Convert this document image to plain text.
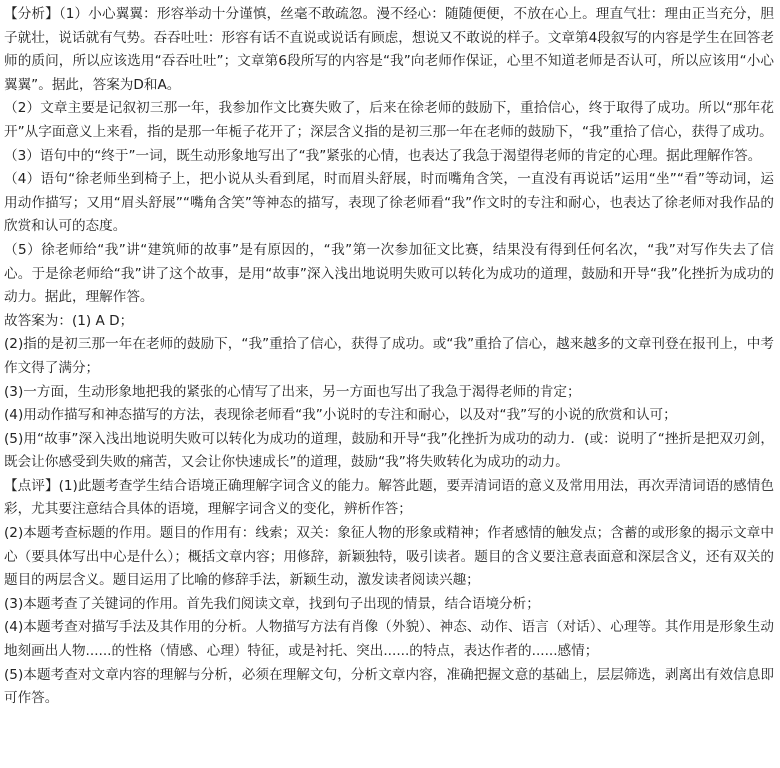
【分析】（1）小心翼翼：形容举动十分谨慎，丝毫不敢疏忽。漫不经心：随随便便，不放在心上。理直气壮：理由正当充分，胆子就壮，说话就有气势。吞吞吐吐：形容有话不直说或说话有顾虑，想说又不敢说的样子。文章第4段叙写的内容是学生在回答老师的质问，所以应该选用“吞吞吐吐”；文章第6段所写的内容是“我”向老师作保证，心里不知道老师是否认可，所以应该用“小心翼翼”。据此，答案为D和A。

（2）文章主要是记叙初三那一年，我参加作文比赛失败了，后来在徐老师的鼓励下，重拾信心，终于取得了成功。所以“那年花开”从字面意义上来看，指的是那一年栀子花开了；深层含义指的是初三那一年在老师的鼓励下，“我”重拾了信心，获得了成功。

（3）语句中的“终于”一词，既生动形象地写出了“我”紧张的心情，也表达了我急于渴望得老师的肯定的心理。据此理解作答。

（4）语句“徐老师坐到椅子上，把小说从头看到尾，时而眉头舒展，时而嘴角含笑，一直没有再说话”运用“坐”“看”等动词，运用动作描写；又用“眉头舒展”“嘴角含笑”等神态的描写，表现了徐老师看“我”作文时的专注和耐心，也表达了徐老师对我作品的欣赏和认可的态度。

（5）徐老师给“我”讲“建筑师的故事”是有原因的，“我”第一次参加征文比赛，结果没有得到任何名次，“我”对写作失去了信心。于是徐老师给“我”讲了这个故事，是用“故事”深入浅出地说明失败可以转化为成功的道理，鼓励和开导“我”化挫折为成功的动力。据此，理解作答。

故答案为：(1) A D；

(2)指的是初三那一年在老师的鼓励下，“我”重拾了信心，获得了成功。或“我”重拾了信心，越来越多的文章刊登在报刊上，中考作文得了满分；

(3)一方面，生动形象地把我的紧张的心情写了出来，另一方面也写出了我急于渴得老师的肯定；

(4)用动作描写和神态描写的方法，表现徐老师看“我”小说时的专注和耐心，以及对“我”写的小说的欣赏和认可；

(5)用“故事”深入浅出地说明失败可以转化为成功的道理，鼓励和开导“我”化挫折为成功的动力．(或：说明了“挫折是把双刃剑，既会让你感受到失败的痛苦，又会让你快速成长”的道理，鼓励“我”将失败转化为成功的动力。

【点评】(1)此题考查学生结合语境正确理解字词含义的能力。解答此题，要弄清词语的意义及常用用法，再次弄清词语的感情色彩，尤其要注意结合具体的语境，理解字词含义的变化，辨析作答；

(2)本题考查标题的作用。题目的作用有：线索；双关：象征人物的形象或精神；作者感情的触发点；含蓄的或形象的揭示文章中心（要具体写出中心是什么）；概括文章内容；用修辞，新颖独特，吸引读者。题目的含义要注意表面意和深层含义，还有双关的题目的两层含义。题目运用了比喻的修辞手法，新颖生动，激发读者阅读兴趣；

(3)本题考查了关键词的作用。首先我们阅读文章，找到句子出现的情景，结合语境分析；

(4)本题考查对描写手法及其作用的分析。人物描写方法有肖像（外貌）、神态、动作、语言（对话）、心理等。其作用是形象生动地刻画出人物......的性格（情感、心理）特征，或是衬托、突出......的特点，表达作者的......感情；

(5)本题考查对文章内容的理解与分析，必须在理解文句，分析文章内容，准确把握文意的基础上，层层筛选，剥离出有效信息即可作答。
